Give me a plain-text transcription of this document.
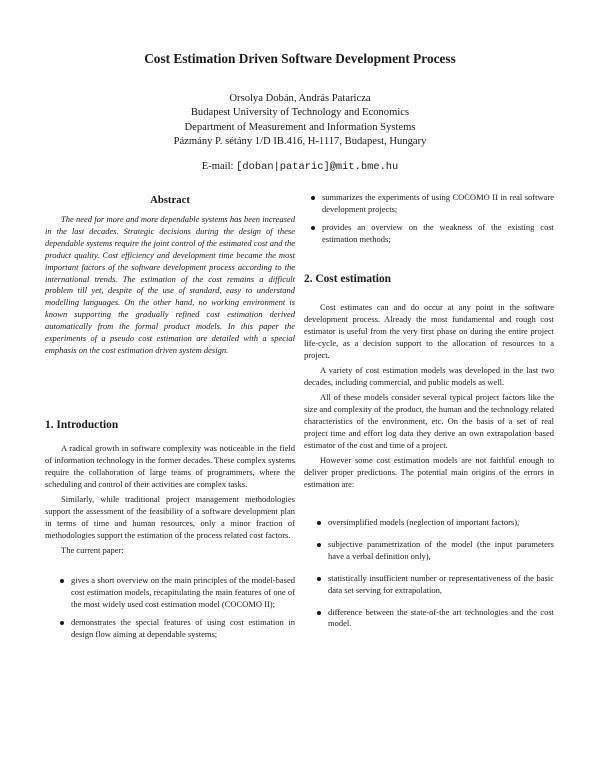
Cost Estimation Driven Software Development Process
Orsolya Dobán, András Pataricza
Budapest University of Technology and Economics
Department of Measurement and Information Systems
Pázmány P. sétány 1/D IB.416, H-1117, Budapest, Hungary
E-mail: [doban|pataric]@mit.bme.hu
Abstract

The need for more and more dependable systems has been increased in the last decades. Strategic decisions during the design of these dependable systems require the joint control of the estimated cost and the product quality. Cost efficiency and development time became the most important factors of the software development process according to the international trends. The estimation of the cost remains a difficult problem till yet, despite of the use of standard, easy to understand modelling languages. On the other hand, no working environment is known supporting the gradually refined cost estimation derived automatically from the formal product models. In this paper the experiments of a pseudo cost estimation are detailed with a special emphasis on the cost estimation driven system design.

1. Introduction

A radical growth in software complexity was noticeable in the field of information technology in the former decades. These complex systems require the collaboration of large teams of programmers, where the scheduling and control of their activities are complex tasks.

Similarly, while traditional project management methodologies support the assessment of the feasibility of a software development plan in terms of time and human resources, only a minor fraction of methodologies support the estimation of the process related cost factors.

The current paper:

gives a short overview on the main principles of the model-based cost estimation models, recapitulating the main features of one of the most widely used cost estimation model (COCOMO II);
demonstrates the special features of using cost estimation in design flow aiming at dependable systems;
summarizes the experiments of using COCOMO II in real software development projects;
provides an overview on the weakness of the existing cost estimation methods;
2. Cost estimation

Cost estimates can and do occur at any point in the software development process. Already the most fundamental and rough cost estimator is useful from the very first phase on during the entire project life-cycle, as a decision support to the allocation of resources to a project.

A variety of cost estimation models was developed in the last two decades, including commercial, and public models as well.

All of these models consider several typical project factors like the size and complexity of the product, the human and the technology related characteristics of the environment, etc. On the basis of a set of real project time and effort log data they derive an own extrapolation based estimator of the cost and time of a project.

However some cost estimation models are not faithful enough to deliver proper predictions. The potential main origins of the errors in estimation are:

oversimplified models (neglection of important factors),
subjective parametrization of the model (the input parameters have a verbal definition only),
statistically insufficient number or representativeness of the basic data set serving for extrapolation,
difference between the state-of-the art technologies and the cost model.
